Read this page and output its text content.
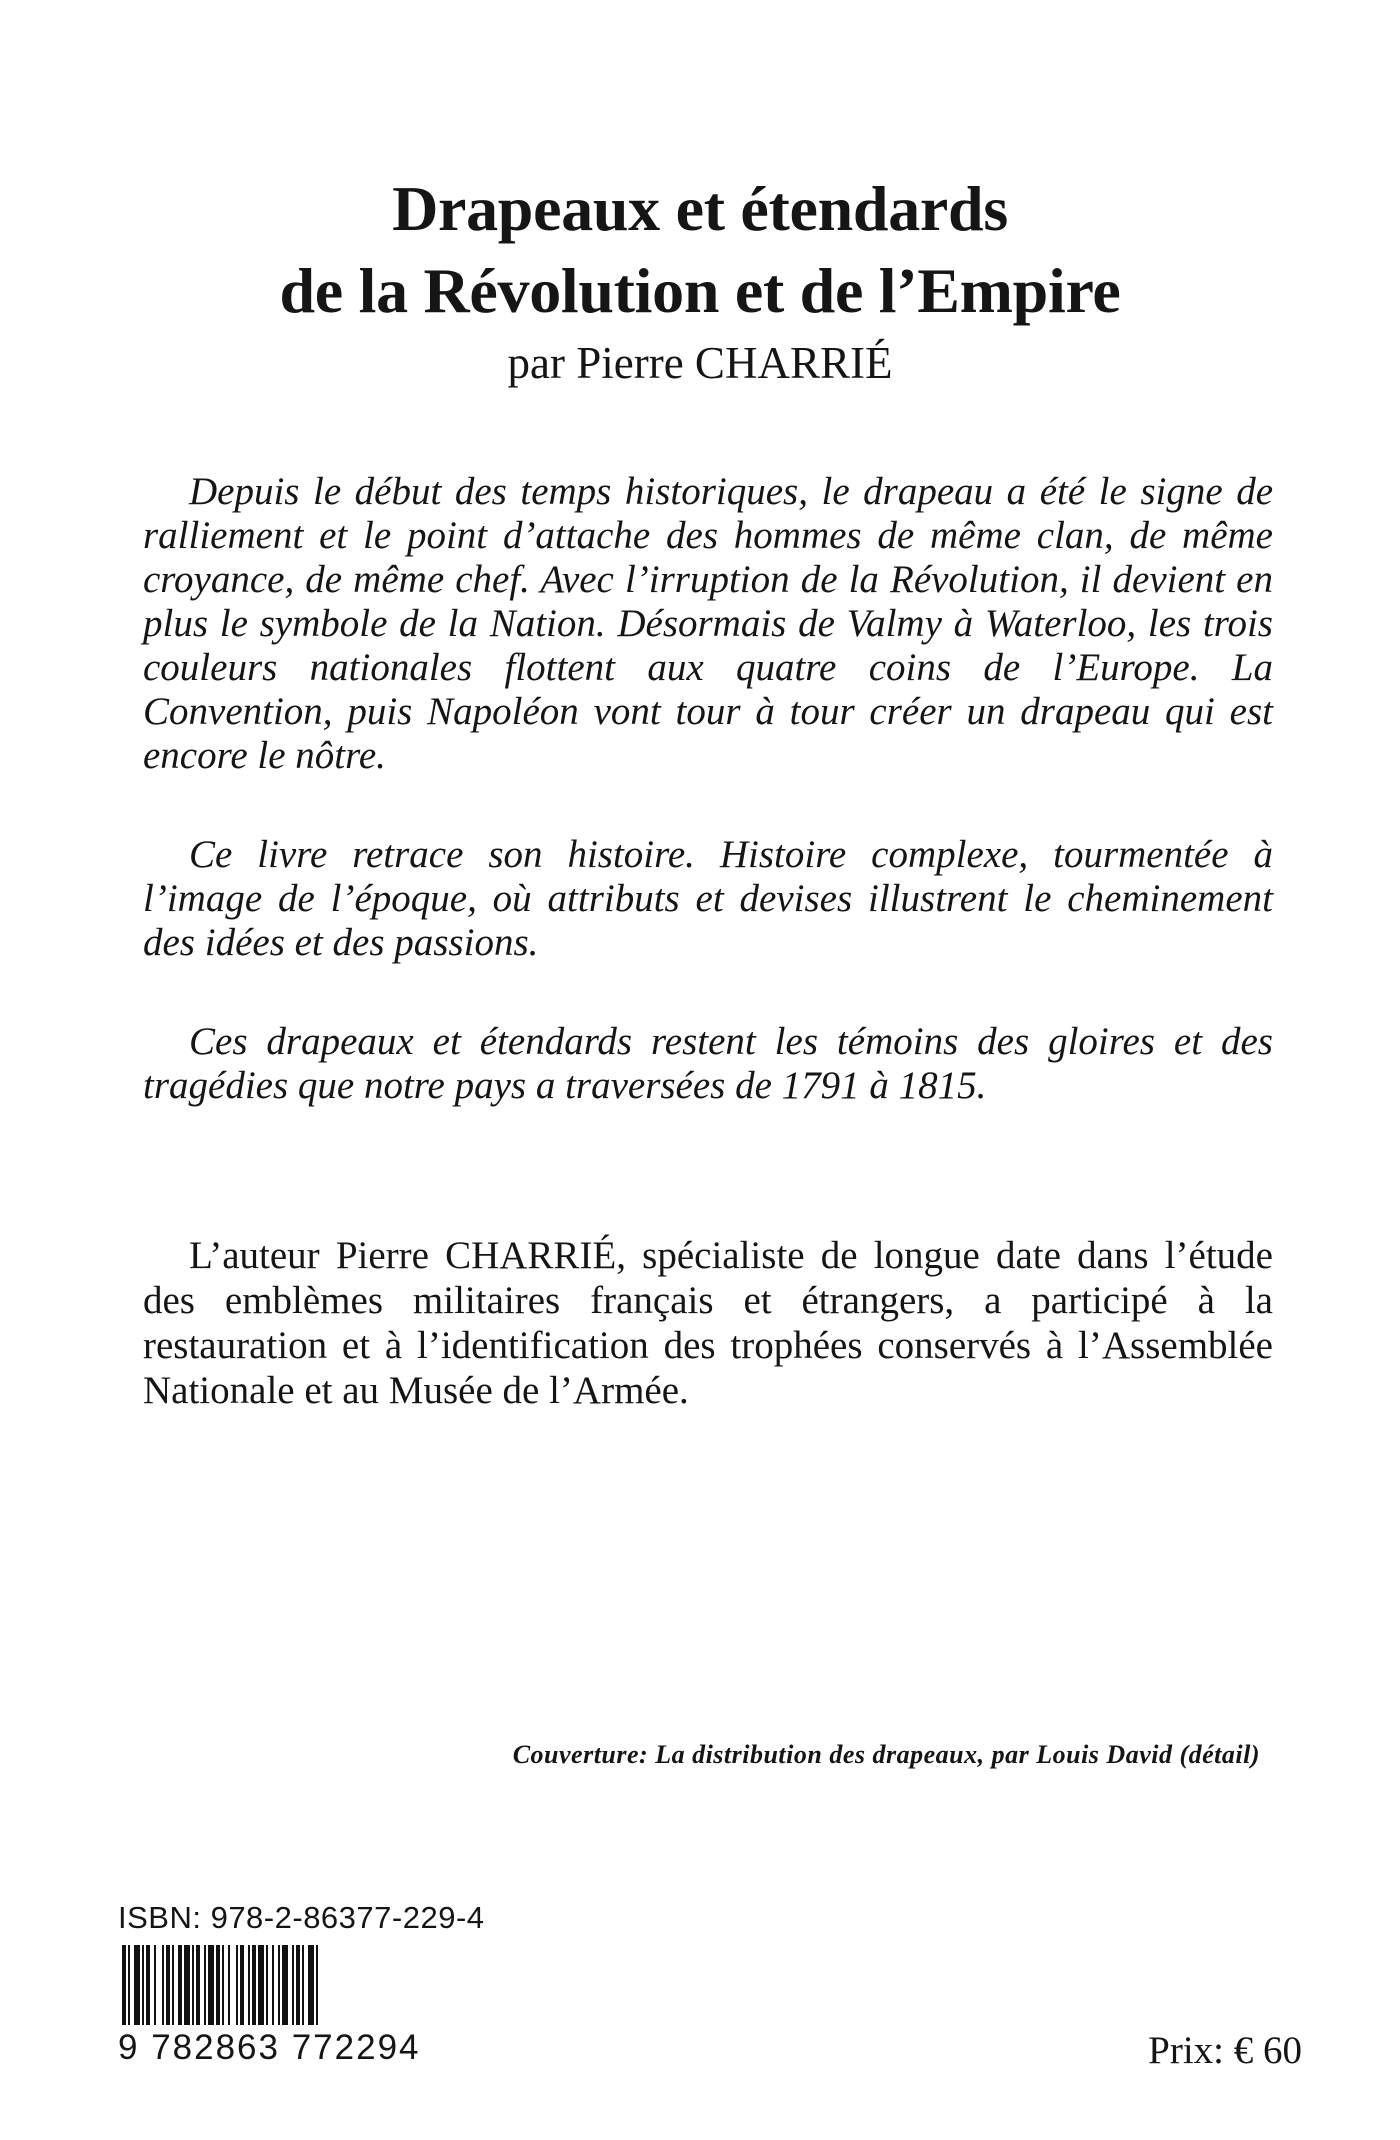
Drapeaux et étendards
de la Révolution et de l’Empire
par Pierre CHARRIÉ

Depuis le début des temps historiques, le drapeau a été le signe de ralliement et le point d’attache des hommes de même clan, de même croyance, de même chef. Avec l’irruption de la Révolution, il devient en plus le symbole de la Nation. Désormais de Valmy à Waterloo, les trois couleurs nationales flottent aux quatre coins de l’Europe. La Convention, puis Napoléon vont tour à tour créer un drapeau qui est encore le nôtre.

Ce livre retrace son histoire. Histoire complexe, tourmentée à l’image de l’époque, où attributs et devises illustrent le cheminement des idées et des passions.

Ces drapeaux et étendards restent les témoins des gloires et des tragédies que notre pays a traversées de 1791 à 1815.

L’auteur Pierre CHARRIÉ, spécialiste de longue date dans l’étude des emblèmes militaires français et étrangers, a participé à la restauration et à l’identification des trophées conservés à l’Assemblée Nationale et au Musée de l’Armée.

Couverture: La distribution des drapeaux, par Louis David (détail)
ISBN: 978-2-86377-229-4
9 782863 772294	Prix: € 60
